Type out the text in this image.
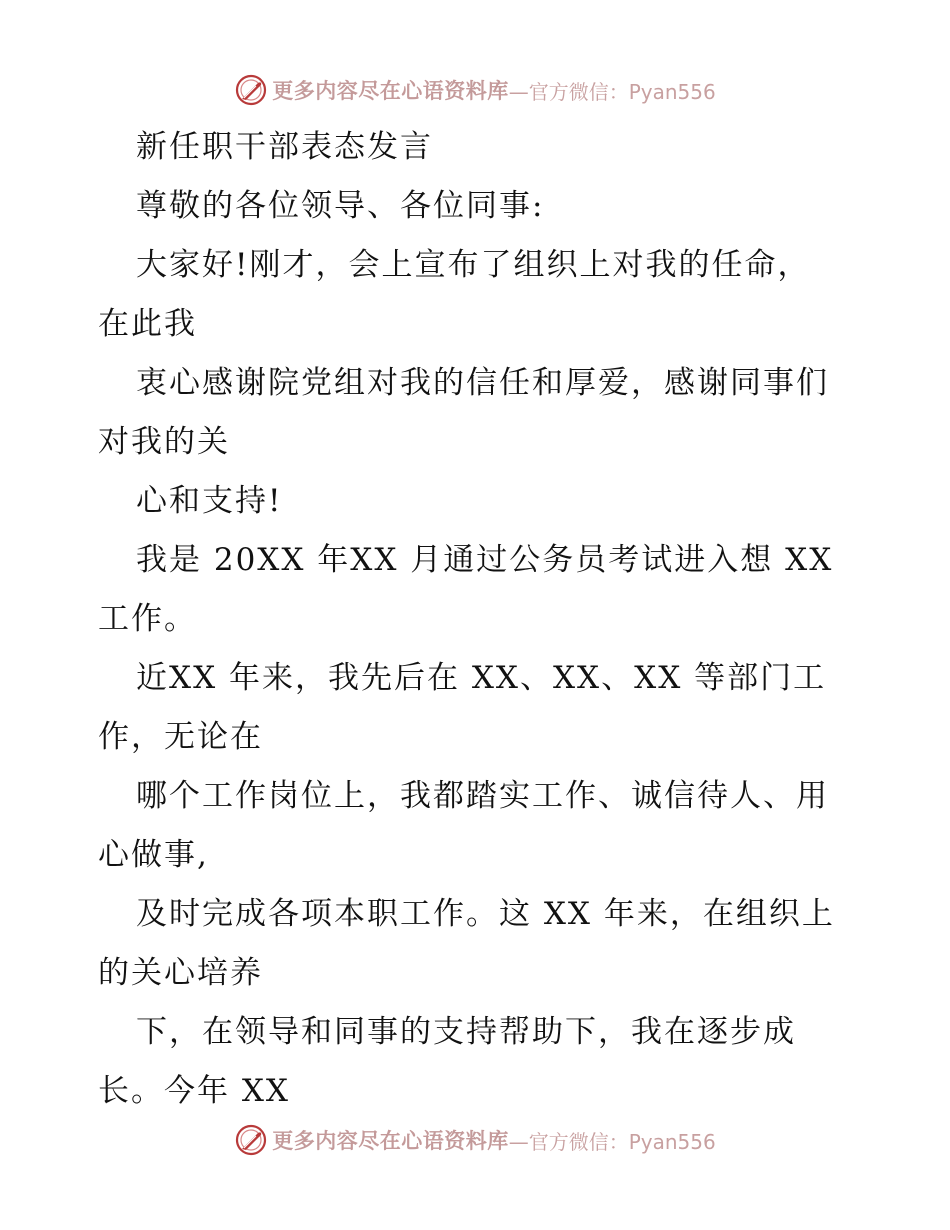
更多内容尽在心语资料库 —官方微信：Pyan556
新任职干部表态发言
尊敬的各位领导、各位同事:
大家好!刚才，会上宣布了组织上对我的任命，
在此我
衷心感谢院党组对我的信任和厚爱，感谢同事们
对我的关
心和支持!
我是 20XX 年XX 月通过公务员考试进入想 XX
工作。
近XX 年来，我先后在 XX、XX、XX 等部门工
作，无论在
哪个工作岗位上，我都踏实工作、诚信待人、用
心做事,
及时完成各项本职工作。这 XX 年来，在组织上
的关心培养
下，在领导和同事的支持帮助下，我在逐步成
长。今年 XX
更多内容尽在心语资料库 —官方微信：Pyan556
